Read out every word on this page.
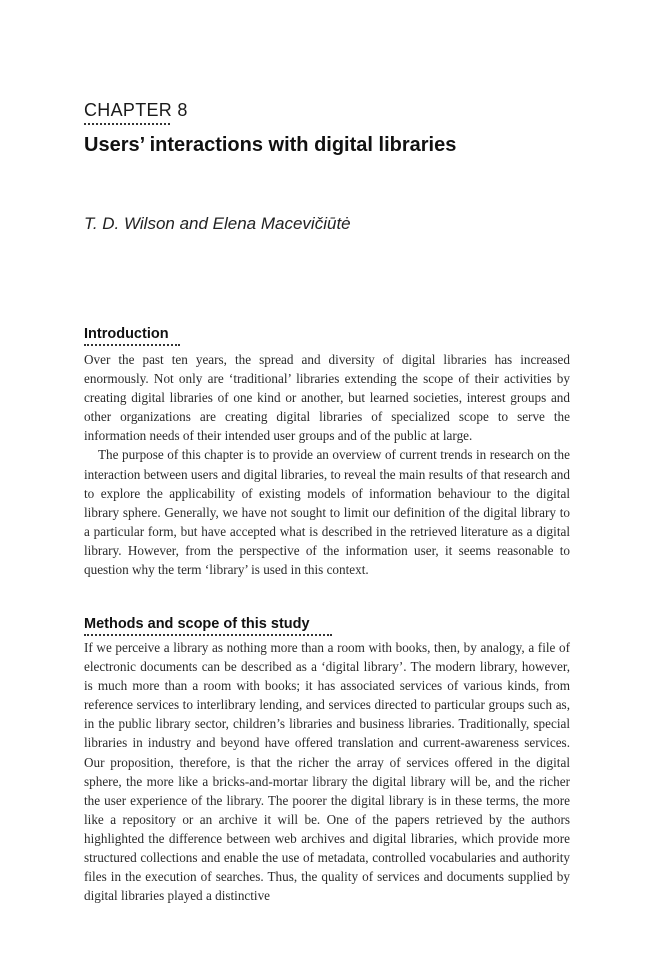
CHAPTER 8
Users’ interactions with digital libraries
T. D. Wilson and Elena Macevičiūtė
Introduction

Over the past ten years, the spread and diversity of digital libraries has increased enormously. Not only are ‘traditional’ libraries extending the scope of their activities by creating digital libraries of one kind or another, but learned societies, interest groups and other organizations are creating digital libraries of specialized scope to serve the information needs of their intended user groups and of the public at large.

The purpose of this chapter is to provide an overview of current trends in research on the interaction between users and digital libraries, to reveal the main results of that research and to explore the applicability of existing models of information behaviour to the digital library sphere. Generally, we have not sought to limit our definition of the digital library to a particular form, but have accepted what is described in the retrieved literature as a digital library. However, from the perspective of the information user, it seems reasonable to question why the term ‘library’ is used in this context.

Methods and scope of this study

If we perceive a library as nothing more than a room with books, then, by analogy, a file of electronic documents can be described as a ‘digital library’. The modern library, however, is much more than a room with books; it has associated services of various kinds, from reference services to interlibrary lending, and services directed to particular groups such as, in the public library sector, children’s libraries and business libraries. Traditionally, special libraries in industry and beyond have offered translation and current-awareness services. Our proposition, therefore, is that the richer the array of services offered in the digital sphere, the more like a bricks-and-mortar library the digital library will be, and the richer the user experience of the library. The poorer the digital library is in these terms, the more like a repository or an archive it will be. One of the papers retrieved by the authors highlighted the difference between web archives and digital libraries, which provide more structured collections and enable the use of metadata, controlled vocabularies and authority files in the execution of searches. Thus, the quality of services and documents supplied by digital libraries played a distinctive
